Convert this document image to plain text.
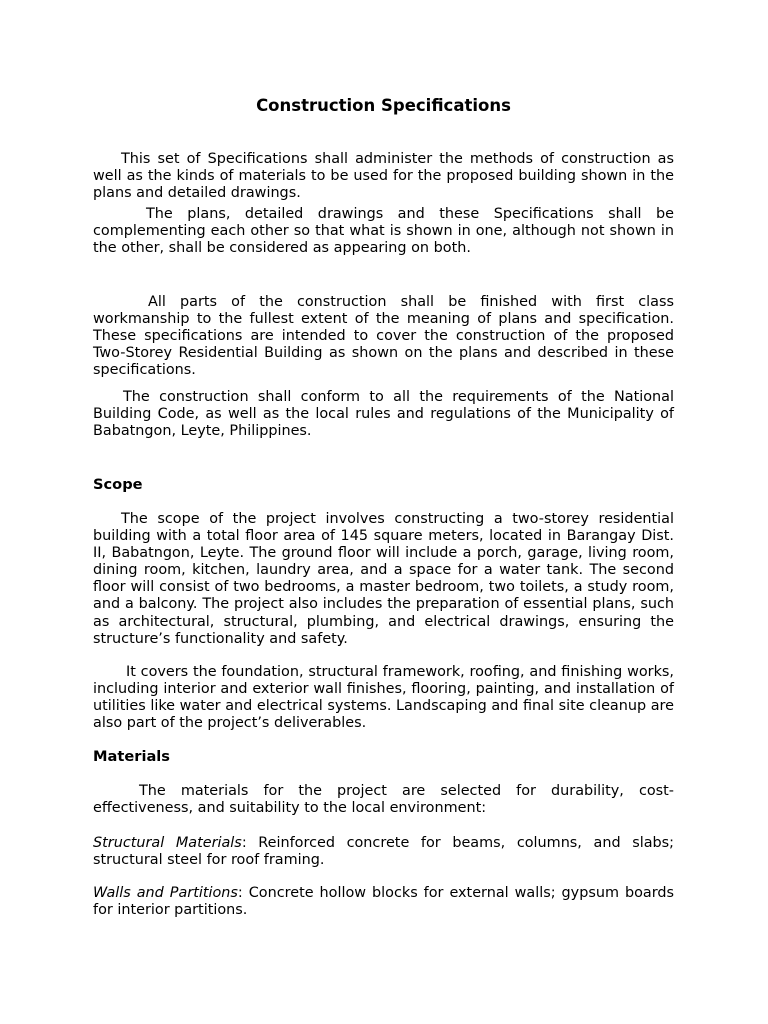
Construction Specifications

This set of Specifications shall administer the methods of construction as well as the kinds of materials to be used for the proposed building shown in the plans and detailed drawings.

The plans, detailed drawings and these Specifications shall be complementing each other so that what is shown in one, although not shown in the other, shall be considered as appearing on both.

All parts of the construction shall be finished with first class workmanship to the fullest extent of the meaning of plans and specification. These specifications are intended to cover the construction of the proposed Two-Storey Residential Building as shown on the plans and described in these specifications.

The construction shall conform to all the requirements of the National Building Code, as well as the local rules and regulations of the Municipality of Babatngon, Leyte, Philippines.

Scope

The scope of the project involves constructing a two-storey residential building with a total floor area of 145 square meters, located in Barangay Dist. II, Babatngon, Leyte. The ground floor will include a porch, garage, living room, dining room, kitchen, laundry area, and a space for a water tank. The second floor will consist of two bedrooms, a master bedroom, two toilets, a study room, and a balcony. The project also includes the preparation of essential plans, such as architectural, structural, plumbing, and electrical drawings, ensuring the structure’s functionality and safety.

It covers the foundation, structural framework, roofing, and finishing works, including interior and exterior wall finishes, flooring, painting, and installation of utilities like water and electrical systems. Landscaping and final site cleanup are also part of the project’s deliverables.

Materials

The materials for the project are selected for durability, cost-effectiveness, and suitability to the local environment:

Structural Materials: Reinforced concrete for beams, columns, and slabs; structural steel for roof framing.

Walls and Partitions: Concrete hollow blocks for external walls; gypsum boards for interior partitions.
